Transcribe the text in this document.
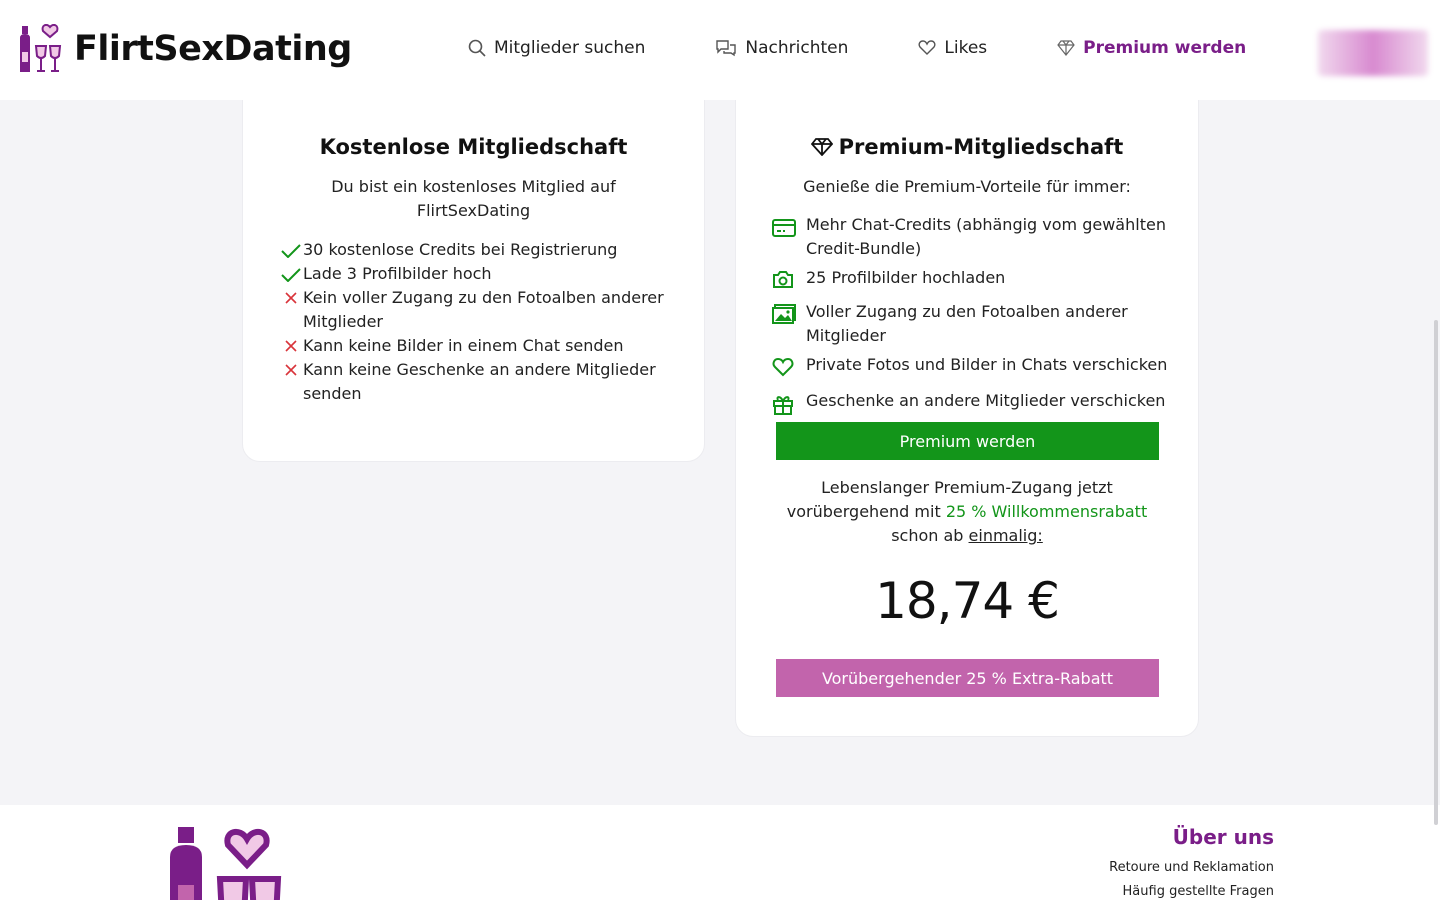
FlirtSexDating	Mitglieder suchen	Nachrichten	Likes	Premium werden
Kostenlose Mitgliedschaft
Du bist ein kostenloses Mitglied auf FlirtSexDating
30 kostenlose Credits bei Registrierung
Lade 3 Profilbilder hoch
Kein voller Zugang zu den Fotoalben anderer Mitglieder
Kann keine Bilder in einem Chat senden
Kann keine Geschenke an andere Mitglieder senden
Premium-Mitgliedschaft
Genieße die Premium-Vorteile für immer:
Mehr Chat-Credits (abhängig vom gewählten Credit-Bundle)
25 Profilbilder hochladen
Voller Zugang zu den Fotoalben anderer Mitglieder
Private Fotos und Bilder in Chats verschicken
Geschenke an andere Mitglieder verschicken
Premium werden
Lebenslanger Premium-Zugang jetzt vorübergehend mit 25 % Willkommensrabatt
schon ab einmalig:
18,74 €
Vorübergehender 25 % Extra-Rabatt
Über uns
Retoure und Reklamation
Häufig gestellte Fragen
